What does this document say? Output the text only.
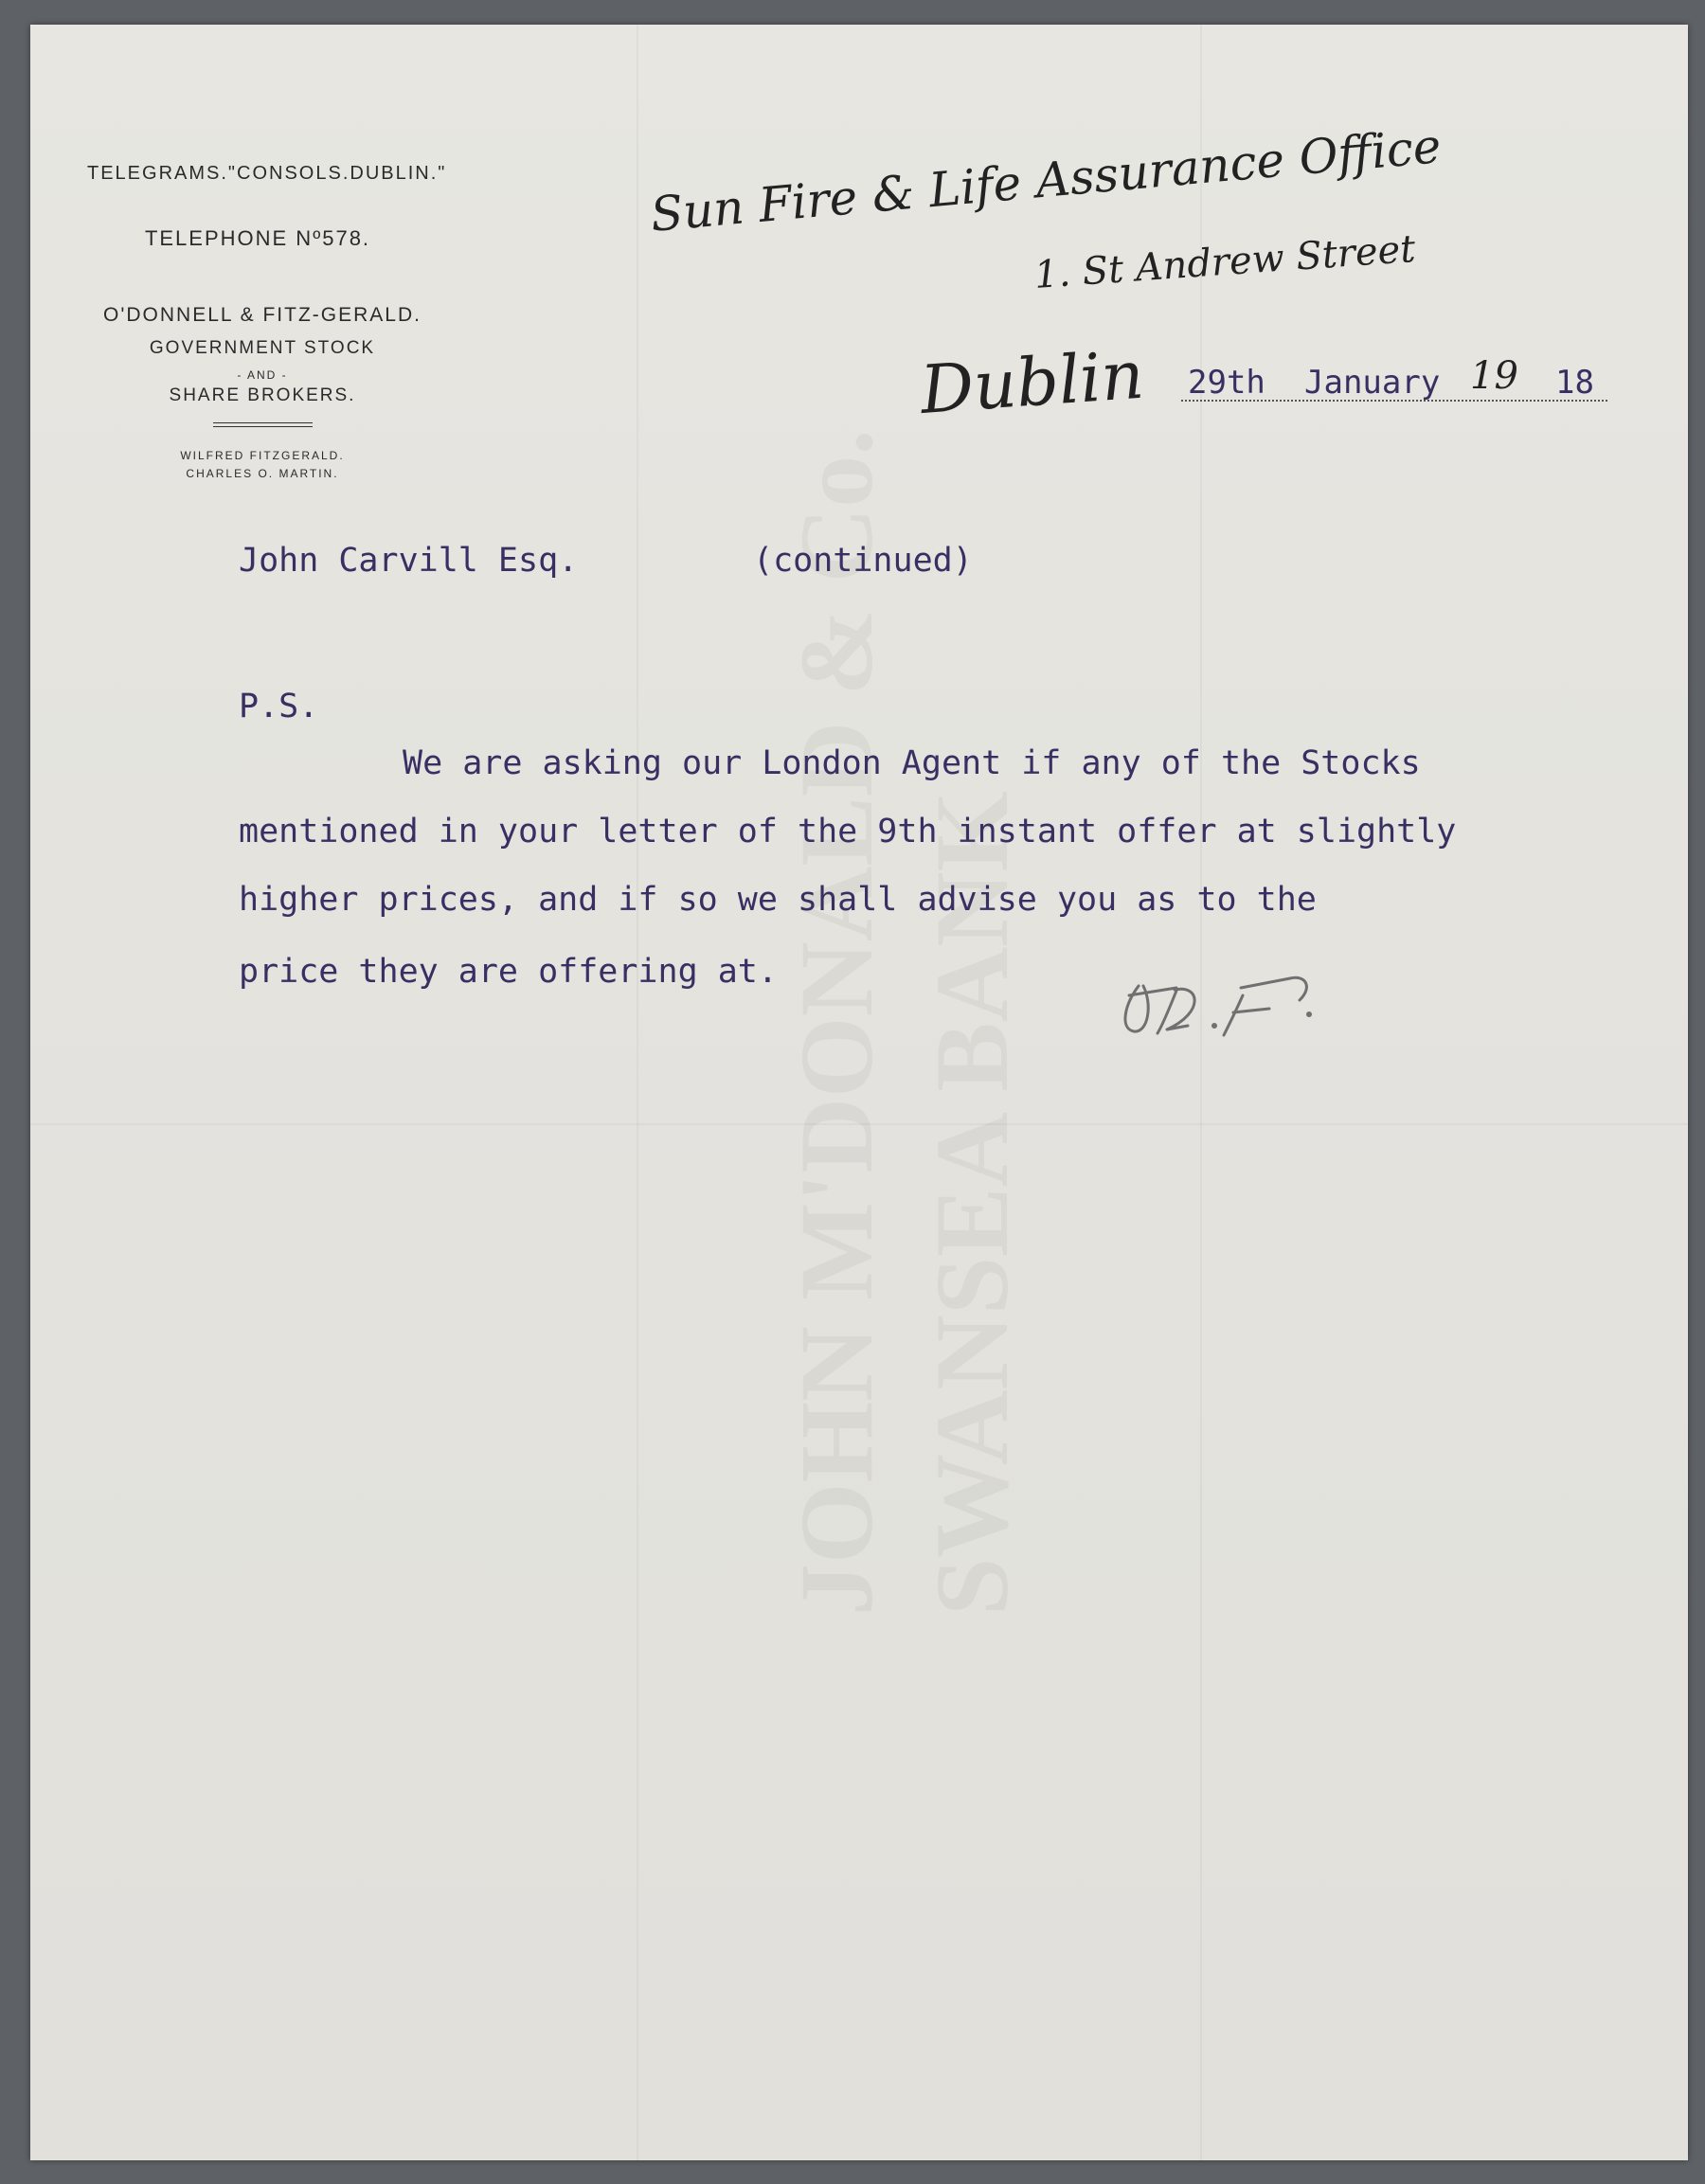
TELEGRAMS."CONSOLS.DUBLIN."
TELEPHONE Nº578.
O'DONNELL & FITZ-GERALD.
GOVERNMENT STOCK
- AND -
SHARE BROKERS.
WILFRED FITZGERALD.
CHARLES O. MARTIN.
Sun Fire & Life Assurance Office
1. St Andrew Street
Dublin 29th January 19 18
John Carvill Esq.	(continued)
P.S.
We are asking our London Agent if any of the Stocks
mentioned in your letter of the 9th instant offer at slightly
higher prices, and if so we shall advise you as to the
price they are offering at.
